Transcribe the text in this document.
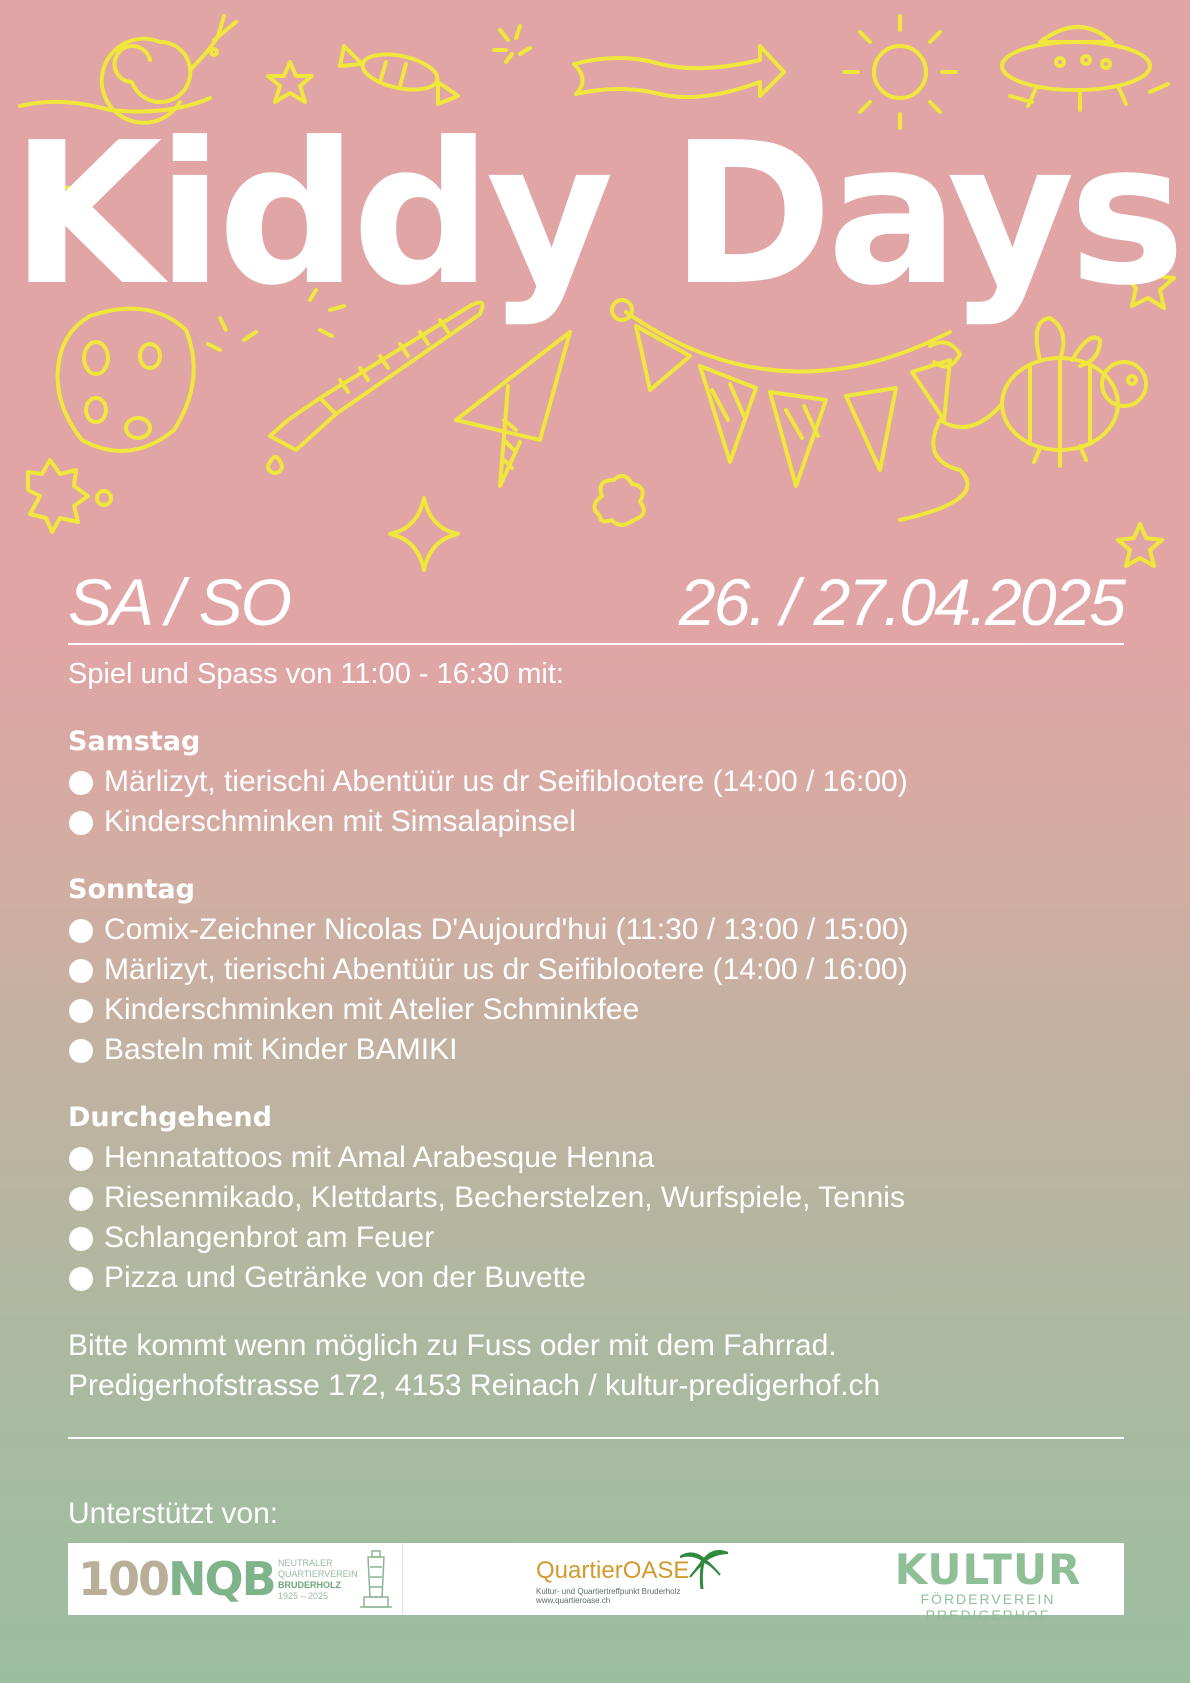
Kiddy Days
SA / SO	26. / 27.04.2025

Spiel und Spass von 11:00 - 16:30 mit:

Samstag
Märlizyt, tierischi Abentüür us dr Seifiblootere (14:00 / 16:00)
Kinderschminken mit Simsalapinsel
Sonntag
Comix-Zeichner Nicolas D'Aujourd'hui (11:30 / 13:00 / 15:00)
Märlizyt, tierischi Abentüür us dr Seifiblootere (14:00 / 16:00)
Kinderschminken mit Atelier Schminkfee
Basteln mit Kinder BAMIKI
Durchgehend
Hennatattoos mit Amal Arabesque Henna
Riesenmikado, Klettdarts, Becherstelzen, Wurfspiele, Tennis
Schlangenbrot am Feuer
Pizza und Getränke von der Buvette

Bitte kommt wenn möglich zu Fuss oder mit dem Fahrrad.

Predigerhofstrasse 172, 4153 Reinach / kultur-predigerhof.ch

Unterstützt von:
100NQB NEUTRALER
QUARTIERVEREIN
BRUDERHOLZ
1925 – 2025
QuartierOASE
Kultur- und Quartiertreffpunkt Bruderholz
www.quartieroase.ch
KULTUR
FÖRDERVEREIN PREDIGERHOF
